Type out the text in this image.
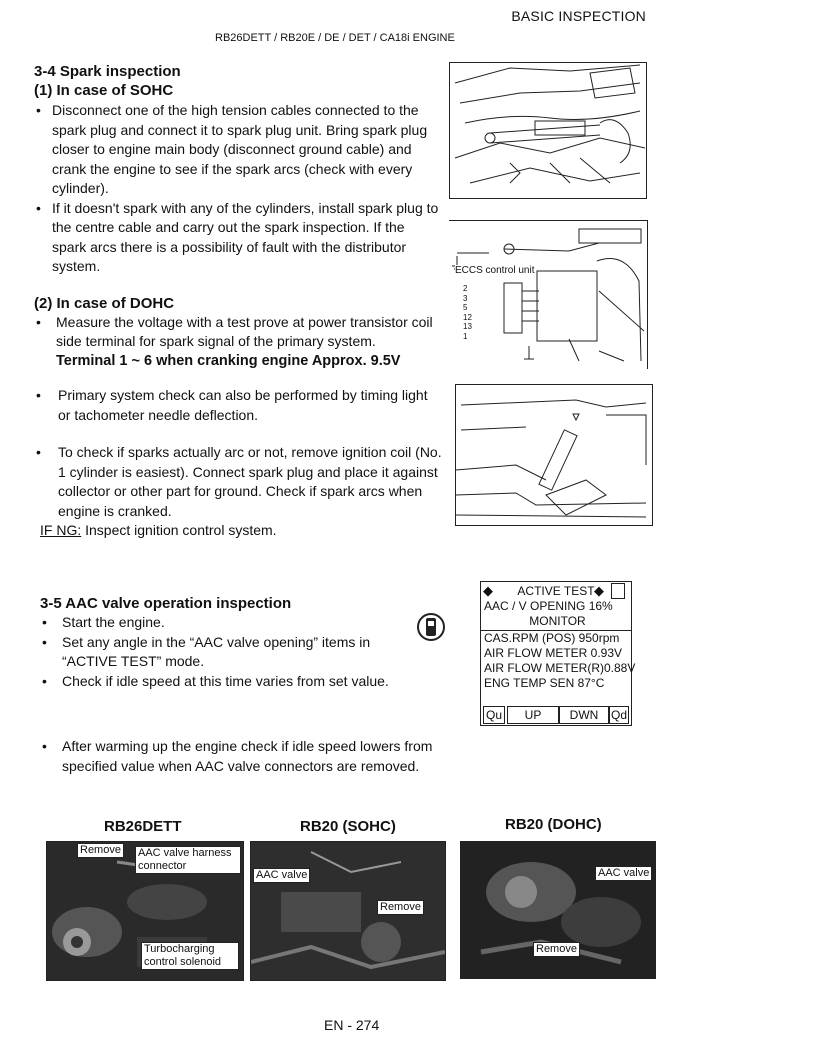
BASIC INSPECTION
RB26DETT / RB20E / DE / DET / CA18i ENGINE
3-4 Spark inspection
(1) In case of SOHC
• Disconnect one of the high tension cables connected to the spark plug and connect it to spark plug unit. Bring spark plug closer to engine main body (disconnect ground cable) and crank the engine to see if the spark arcs (check with every cylinder).
• If it doesn't spark with any of the cylinders, install spark plug to the centre cable and carry out the spark inspection. If the spark arcs there is a possibility of fault with the distributor system.
(2) In case of DOHC
• Measure the voltage with a test prove at power transistor coil side terminal for spark signal of the primary system.
Terminal 1 ~ 6 when cranking engine Approx. 9.5V
• Primary system check can also be performed by timing light or tachometer needle deflection.
• To check if sparks actually arc or not, remove ignition coil (No. 1 cylinder is easiest). Connect spark plug and place it against collector or other part for ground. Check if spark arcs when engine is cranked.
IF NG: Inspect ignition control system.
ECCS control unit
2
3
5
12
13
1
3-5 AAC valve operation inspection
• Start the engine.
• Set any angle in the “AAC valve opening” items in “ACTIVE TEST” mode.
• Check if idle speed at this time varies from set value.
• After warming up the engine check if idle speed lowers from specified value when AAC valve connectors are removed.
◆ ACTIVE TEST ◆
AAC / V OPENING 16%
MONITOR
CAS.RPM (POS) 950rpm
AIR FLOW METER 0.93V
AIR FLOW METER(R)0.88V
ENG TEMP SEN 87°C
Qu	UP	DWN	Qd
RB26DETT	RB20 (SOHC)	RB20 (DOHC)
Remove AAC valve harness connector
Turbocharging control solenoid
AAC valve
Remove
AAC valve
Remove
EN - 274
